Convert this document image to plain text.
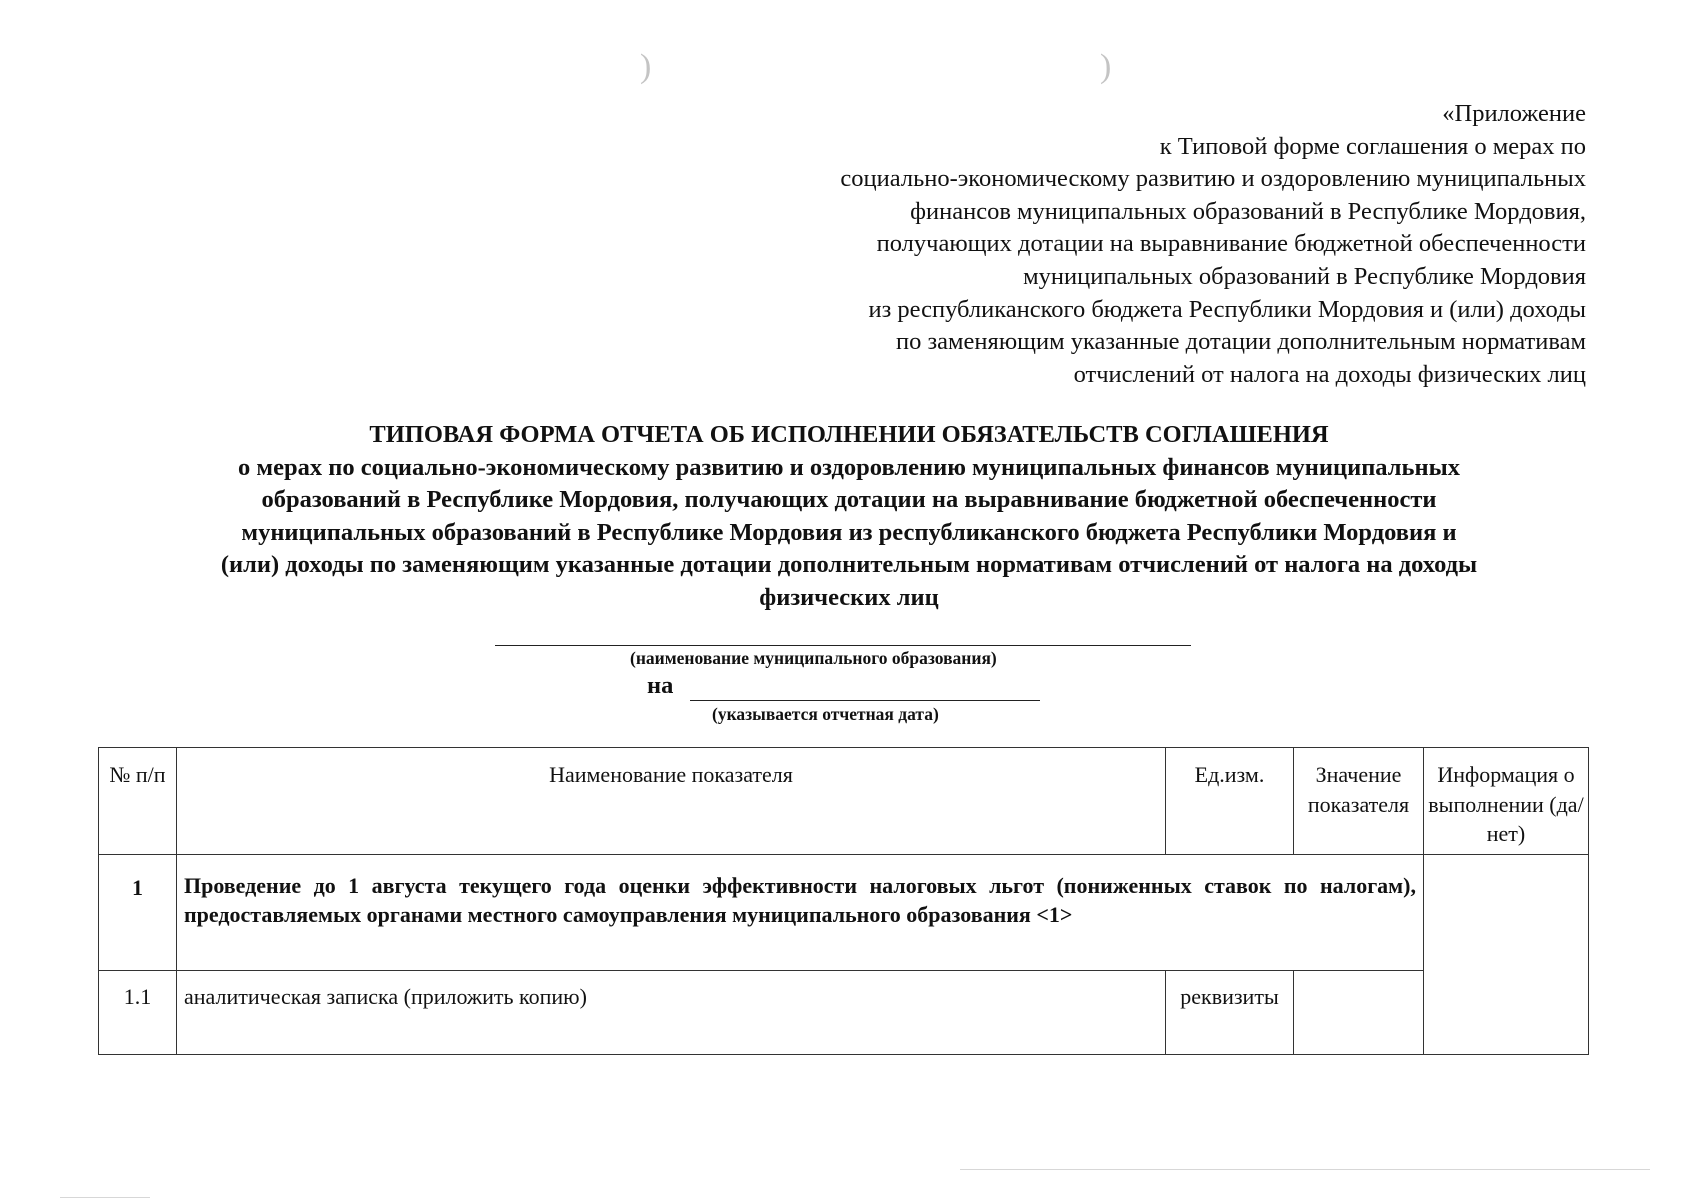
)	)
«Приложение
к Типовой форме соглашения о мерах по
социально-экономическому развитию и оздоровлению муниципальных
финансов муниципальных образований в Республике Мордовия,
получающих дотации на выравнивание бюджетной обеспеченности
муниципальных образований в Республике Мордовия
из республиканского бюджета Республики Мордовия и (или) доходы
по заменяющим указанные дотации дополнительным нормативам
отчислений от налога на доходы физических лиц
ТИПОВАЯ ФОРМА ОТЧЕТА ОБ ИСПОЛНЕНИИ ОБЯЗАТЕЛЬСТВ СОГЛАШЕНИЯ
о мерах по социально-экономическому развитию и оздоровлению муниципальных финансов муниципальных
образований в Республике Мордовия, получающих дотации на выравнивание бюджетной обеспеченности
муниципальных образований в Республике Мордовия из республиканского бюджета Республики Мордовия и
(или) доходы по заменяющим указанные дотации дополнительным нормативам отчислений от налога на доходы
физических лиц
(наименование муниципального образования)
на
(указывается отчетная дата)
№ п/п	Наименование показателя	Ед.изм.	Значение показателя	Информация о выполнении (да/ нет)
1	Проведение до 1 августа текущего года оценки эффективности налоговых льгот (пониженных ставок по налогам), предоставляемых органами местного самоуправления муниципального образования <1>			
1.1	аналитическая записка (приложить копию)	реквизиты		
